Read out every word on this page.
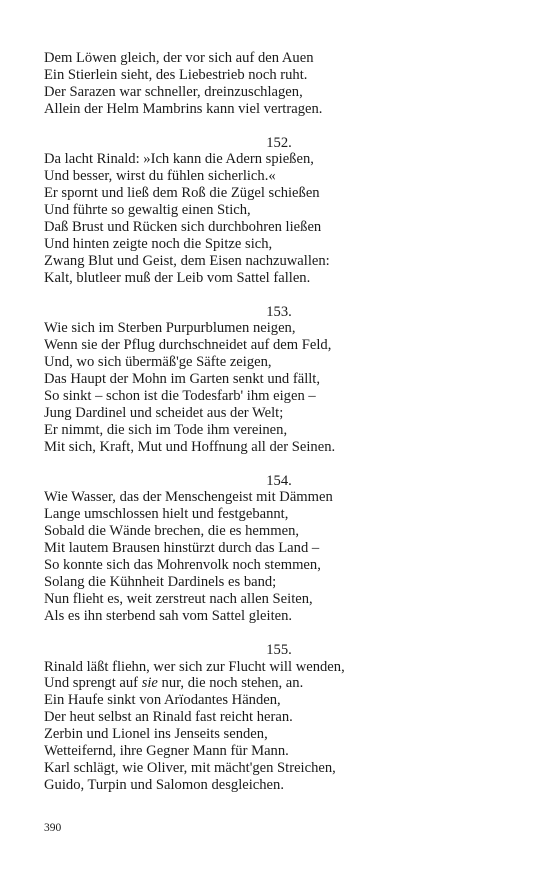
Dem Löwen gleich, der vor sich auf den Auen
Ein Stierlein sieht, des Liebestrieb noch ruht.
Der Sarazen war schneller, dreinzuschlagen,
Allein der Helm Mambrins kann viel vertragen.
152.
Da lacht Rinald: »Ich kann die Adern spießen,
Und besser, wirst du fühlen sicherlich.«
Er spornt und ließ dem Roß die Zügel schießen
Und führte so gewaltig einen Stich,
Daß Brust und Rücken sich durchbohren ließen
Und hinten zeigte noch die Spitze sich,
Zwang Blut und Geist, dem Eisen nachzuwallen:
Kalt, blutleer muß der Leib vom Sattel fallen.
153.
Wie sich im Sterben Purpurblumen neigen,
Wenn sie der Pflug durchschneidet auf dem Feld,
Und, wo sich übermäß'ge Säfte zeigen,
Das Haupt der Mohn im Garten senkt und fällt,
So sinkt – schon ist die Todesfarb' ihm eigen –
Jung Dardinel und scheidet aus der Welt;
Er nimmt, die sich im Tode ihm vereinen,
Mit sich, Kraft, Mut und Hoffnung all der Seinen.
154.
Wie Wasser, das der Menschengeist mit Dämmen
Lange umschlossen hielt und festgebannt,
Sobald die Wände brechen, die es hemmen,
Mit lautem Brausen hinstürzt durch das Land –
So konnte sich das Mohrenvolk noch stemmen,
Solang die Kühnheit Dardinels es band;
Nun flieht es, weit zerstreut nach allen Seiten,
Als es ihn sterbend sah vom Sattel gleiten.
155.
Rinald läßt fliehn, wer sich zur Flucht will wenden,
Und sprengt auf sie nur, die noch stehen, an.
Ein Haufe sinkt von Arïodantes Händen,
Der heut selbst an Rinald fast reicht heran.
Zerbin und Lionel ins Jenseits senden,
Wetteifernd, ihre Gegner Mann für Mann.
Karl schlägt, wie Oliver, mit mächt'gen Streichen,
Guido, Turpin und Salomon desgleichen.
390
